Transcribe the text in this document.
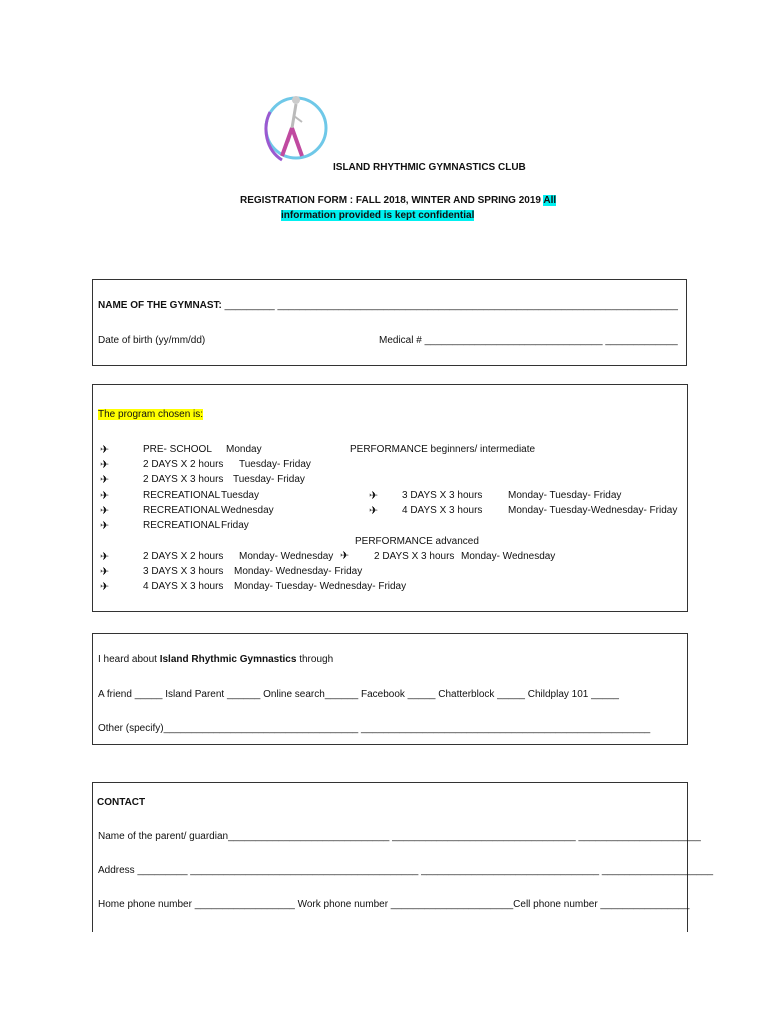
ISLAND RHYTHMIC GYMNASTICS CLUB
REGISTRATION FORM : FALL 2018, WINTER AND SPRING 2019 All
information provided is kept confidential
NAME OF THE GYMNAST: _________ ________________________________________________________________________
Date of birth (yy/mm/dd)	Medical # ________________________________ _____________
The program chosen is:
✈	PRE- SCHOOL Monday
✈	2 DAYS X 2 hours Tuesday- Friday
✈	2 DAYS X 3 hours Tuesday- Friday
✈	RECREATIONAL Tuesday
✈	RECREATIONAL Wednesday
✈	RECREATIONAL Friday
PERFORMANCE beginners/ intermediate
✈ 3 DAYS X 3 hours	Monday- Tuesday- Friday
✈ 4 DAYS X 3 hours	Monday- Tuesday-Wednesday- Friday
PERFORMANCE advanced
✈	2 DAYS X 2 hours Monday- Wednesday ✈ 2 DAYS X 3 hours Monday- Wednesday
✈	3 DAYS X 3 hours Monday- Wednesday- Friday
✈	4 DAYS X 3 hours Monday- Tuesday- Wednesday- Friday
I heard about Island Rhythmic Gymnastics through
A friend _____ Island Parent ______ Online search______ Facebook _____ Chatterblock _____ Childplay 101 _____
Other (specify)___________________________________ ____________________________________________________
CONTACT
Name of the parent/ guardian_____________________________ _________________________________ ______________________
Address _________ _________________________________________ ________________________________ ____________________
Home phone number __________________ Work phone number ______________________Cell phone number ________________
